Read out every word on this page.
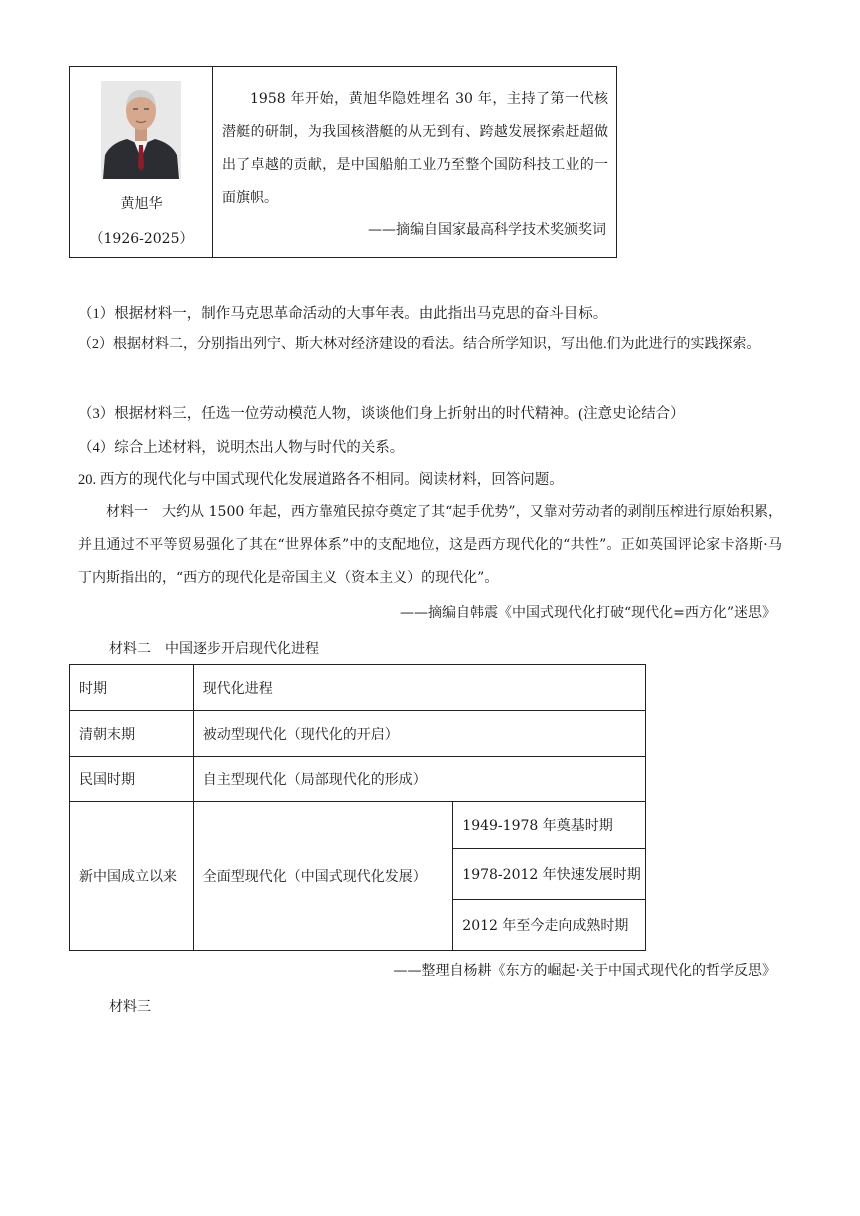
黄旭华
（1926-2025）
1958 年开始，黄旭华隐姓埋名 30 年，主持了第一代核潜艇的研制，为我国核潜艇的从无到有、跨越发展探索赶超做出了卓越的贡献，是中国船舶工业乃至整个国防科技工业的一面旗帜。
——摘编自国家最高科学技术奖颁奖词
（1）根据材料一，制作马克思革命活动的大事年表。由此指出马克思的奋斗目标。
（2）根据材料二，分别指出列宁、斯大林对经济建设的看法。结合所学知识，写出他.们为此进行的实践探索。
（3）根据材料三，任选一位劳动模范人物，谈谈他们身上折射出的时代精神。(注意史论结合）
（4）综合上述材料，说明杰出人物与时代的关系。
20. 西方的现代化与中国式现代化发展道路各不相同。阅读材料，回答问题。
材料一　大约从 1500 年起，西方靠殖民掠夺奠定了其“起手优势”，又靠对劳动者的剥削压榨进行原始积累，并且通过不平等贸易强化了其在“世界体系”中的支配地位，这是西方现代化的“共性”。正如英国评论家卡洛斯·马丁内斯指出的，“西方的现代化是帝国主义（资本主义）的现代化”。
——摘编自韩震《中国式现代化打破“现代化=西方化”迷思》
材料二　中国逐步开启现代化进程
时期	现代化进程	
清朝末期	被动型现代化（现代化的开启）	
民国时期	自主型现代化（局部现代化的形成）	
新中国成立以来	全面型现代化（中国式现代化发展）	1949-1978 年奠基时期
		1978-2012 年快速发展时期
		2012 年至今走向成熟时期
——整理自杨耕《东方的崛起·关于中国式现代化的哲学反思》
材料三
